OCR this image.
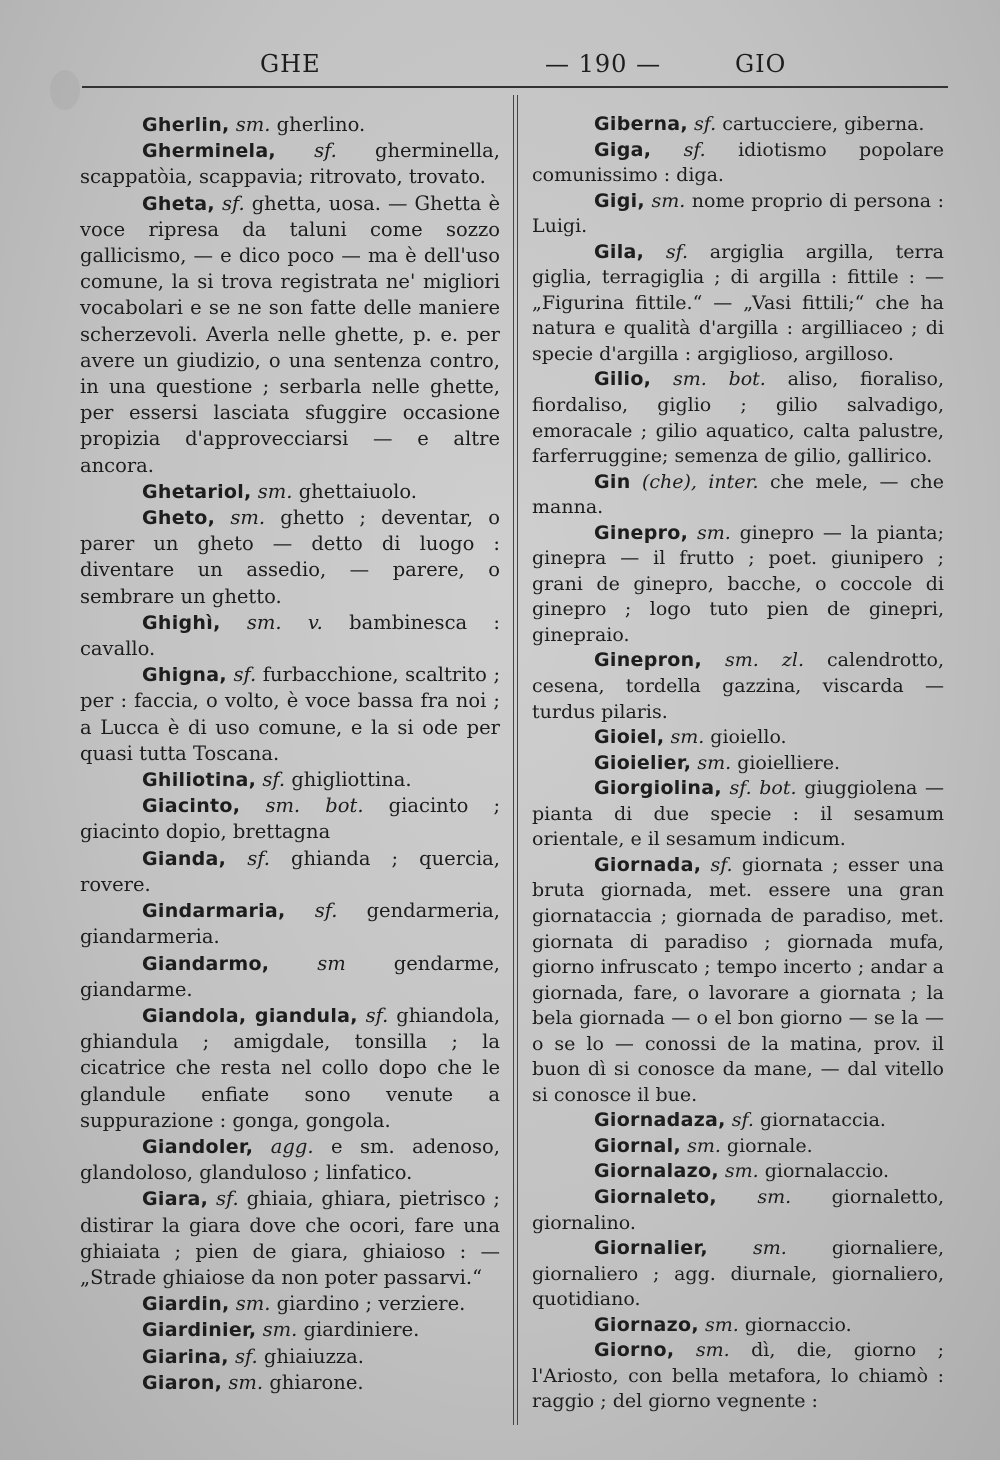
GHE	— 190 —	GIO
Gherlin, sm. gherlino.
Gherminela, sf. gherminella, scappatòia, scappavia; ritrovato, trovato.
Gheta, sf. ghetta, uosa. — Ghetta è voce ripresa da taluni come sozzo gallicismo, — e dico poco — ma è dell'uso comune, la si trova registrata ne' migliori vocabolari e se ne son fatte delle maniere scherzevoli. Averla nelle ghette, p. e. per avere un giudizio, o una sentenza contro, in una questione ; serbarla nelle ghette, per essersi lasciata sfuggire occasione propizia d'approvecciarsi — e altre ancora.
Ghetariol, sm. ghettaiuolo.
Gheto, sm. ghetto ; deventar, o parer un gheto — detto di luogo : diventare un assedio, — parere, o sembrare un ghetto.
Ghighì, sm. v. bambinesca : cavallo.
Ghigna, sf. furbacchione, scaltrito ; per : faccia, o volto, è voce bassa fra noi ; a Lucca è di uso comune, e la si ode per quasi tutta Toscana.
Ghiliotina, sf. ghigliottina.
Giacinto, sm. bot. giacinto ; giacinto dopio, brettagna
Gianda, sf. ghianda ; quercia, rovere.
Gindarmaria, sf. gendarmeria, giandarmeria.
Giandarmo, sm gendarme, giandarme.
Giandola, giandula, sf. ghiandola, ghiandula ; amigdale, tonsilla ; la cicatrice che resta nel collo dopo che le glandule enfiate sono venute a suppurazione : gonga, gongola.
Giandoler, agg. e sm. adenoso, glandoloso, glanduloso ; linfatico.
Giara, sf. ghiaia, ghiara, pietrisco ; distirar la giara dove che ocori, fare una ghiaiata ; pien de giara, ghiaioso : — „Strade ghiaiose da non poter passarvi.“
Giardin, sm. giardino ; verziere.
Giardinier, sm. giardiniere.
Giarina, sf. ghiaiuzza.
Giaron, sm. ghiarone.
Giberna, sf. cartucciere, giberna.
Giga, sf. idiotismo popolare comunissimo : diga.
Gigi, sm. nome proprio di persona : Luigi.
Gila, sf. argiglia argilla, terra giglia, terragiglia ; di argilla : fittile : — „Figurina fittile.“ — „Vasi fittili;“ che ha natura e qualità d'argilla : argilliaceo ; di specie d'argilla : argiglioso, argilloso.
Gilio, sm. bot. aliso, fioraliso, fiordaliso, giglio ; gilio salvadigo, emoracale ; gilio aquatico, calta palustre, farferruggine; semenza de gilio, gallirico.
Gin (che), inter. che mele, — che manna.
Ginepro, sm. ginepro — la pianta; ginepra — il frutto ; poet. giunipero ; grani de ginepro, bacche, o coccole di ginepro ; logo tuto pien de ginepri, ginepraio.
Ginepron, sm. zl. calendrotto, cesena, tordella gazzina, viscarda — turdus pilaris.
Gioiel, sm. gioiello.
Gioielier, sm. gioielliere.
Giorgiolina, sf. bot. giuggiolena — pianta di due specie : il sesamum orientale, e il sesamum indicum.
Giornada, sf. giornata ; esser una bruta giornada, met. essere una gran giornataccia ; giornada de paradiso, met. giornata di paradiso ; giornada mufa, giorno infruscato ; tempo incerto ; andar a giornada, fare, o lavorare a giornata ; la bela giornada — o el bon giorno — se la — o se lo — conossi de la matina, prov. il buon dì si conosce da mane, — dal vitello si conosce il bue.
Giornadaza, sf. giornataccia.
Giornal, sm. giornale.
Giornalazo, sm. giornalaccio.
Giornaleto, sm. giornaletto, giornalino.
Giornalier, sm. giornaliere, giornaliero ; agg. diurnale, giornaliero, quotidiano.
Giornazo, sm. giornaccio.
Giorno, sm. dì, die, giorno ; l'Ariosto, con bella metafora, lo chiamò : raggio ; del giorno vegnente :
